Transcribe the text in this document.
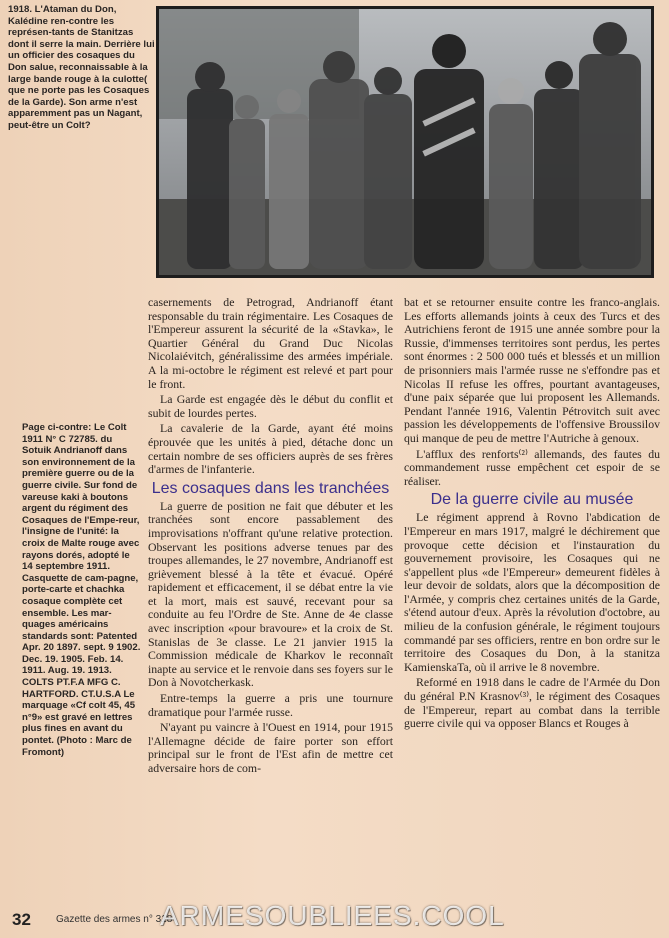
1918. L'Ataman du Don, Kalédine ren-contre les représen-tants de Stanitzas dont il serre la main. Derrière lui un officier des cosaques du Don salue, reconnaissable à la large bande rouge à la culotte( que ne porte pas les Cosaques de la Garde). Son arme n'est apparemment pas un Nagant, peut-être un Colt?

Page ci-contre: Le Colt 1911 N° C 72785. du Sotuik Andrianoff dans son environnement de la première guerre ou de la guerre civile. Sur fond de vareuse kaki à boutons argent du régiment des Cosaques de l'Empe-reur, l'insigne de l'unité: la croix de Malte rouge avec rayons dorés, adopté le 14 septembre 1911. Casquette de cam-pagne, porte-carte et chachka cosaque complète cet ensemble. Les mar-quages américains standards sont: Patented Apr. 20 1897. sept. 9 1902. Dec. 19. 1905. Feb. 14. 1911. Aug. 19. 1913. COLTS PT.F.A MFG C. HARTFORD. CT.U.S.A Le marquage «Cf colt 45, 45 n°9» est gravé en lettres plus fines en avant du pontet. (Photo : Marc de Fromont)

casernements de Petrograd, Andrianoff étant responsable du train régimentaire. Les Cosaques de l'Empereur assurent la sécurité de la «Stavka», le Quartier Général du Grand Duc Nicolas Nicolaiévitch, généralissime des armées impériale. A la mi-octobre le régiment est relevé et part pour le front.

La Garde est engagée dès le début du conflit et subit de lourdes pertes.

La cavalerie de la Garde, ayant été moins éprouvée que les unités à pied, détache donc un certain nombre de ses officiers auprès de ses frères d'armes de l'infanterie.

Les cosaques dans les tranchées

La guerre de position ne fait que débuter et les tranchées sont encore passablement des improvisations n'offrant qu'une relative protection. Observant les positions adverse tenues par des troupes allemandes, le 27 novembre, Andrianoff est grièvement blessé à la tête et évacué. Opéré rapidement et efficacement, il se débat entre la vie et la mort, mais est sauvé, recevant pour sa conduite au feu l'Ordre de Ste. Anne de 4e classe avec inscription «pour bravoure» et la croix de St. Stanislas de 3e classe. Le 21 janvier 1915 la Commission médicale de Kharkov le reconnaît inapte au service et le renvoie dans ses foyers sur le Don à Novotcherkask.

Entre-temps la guerre a pris une tournure dramatique pour l'armée russe.

N'ayant pu vaincre à l'Ouest en 1914, pour 1915 l'Allemagne décide de faire porter son effort principal sur le front de l'Est afin de mettre cet adversaire hors de com-

bat et se retourner ensuite contre les franco-anglais. Les efforts allemands joints à ceux des Turcs et des Autrichiens feront de 1915 une année sombre pour la Russie, d'immenses territoires sont perdus, les pertes sont énormes : 2 500 000 tués et blessés et un million de prisonniers mais l'armée russe ne s'effondre pas et Nicolas II refuse les offres, pourtant avantageuses, d'une paix séparée que lui proposent les Allemands. Pendant l'année 1916, Valentin Pétrovitch suit avec passion les développements de l'offensive Broussilov qui manque de peu de mettre l'Autriche à genoux.

L'afflux des renforts⁽²⁾ allemands, des fautes du commandement russe empêchent cet espoir de se réaliser.

De la guerre civile au musée

Le régiment apprend à Rovno l'abdication de l'Empereur en mars 1917, malgré le déchirement que provoque cette décision et l'instauration du gouvernement provisoire, les Cosaques qui ne s'appellent plus «de l'Empereur» demeurent fidèles à leur devoir de soldats, alors que la décomposition de l'Armée, y compris chez certaines unités de la Garde, s'étend autour d'eux. Après la révolution d'octobre, au milieu de la confusion générale, le régiment toujours commandé par ses officiers, rentre en bon ordre sur le territoire des Cosaques du Don, à la stanitza KamienskaTa, où il arrive le 8 novembre.

Reformé en 1918 dans le cadre de l'Armée du Don du général P.N Krasnov⁽³⁾, le régiment des Cosaques de l'Empereur, repart au combat dans la terrible guerre civile qui va opposer Blancs et Rouges à

32	Gazette des armes n° 318
ARMESOUBLIEES.COOL
